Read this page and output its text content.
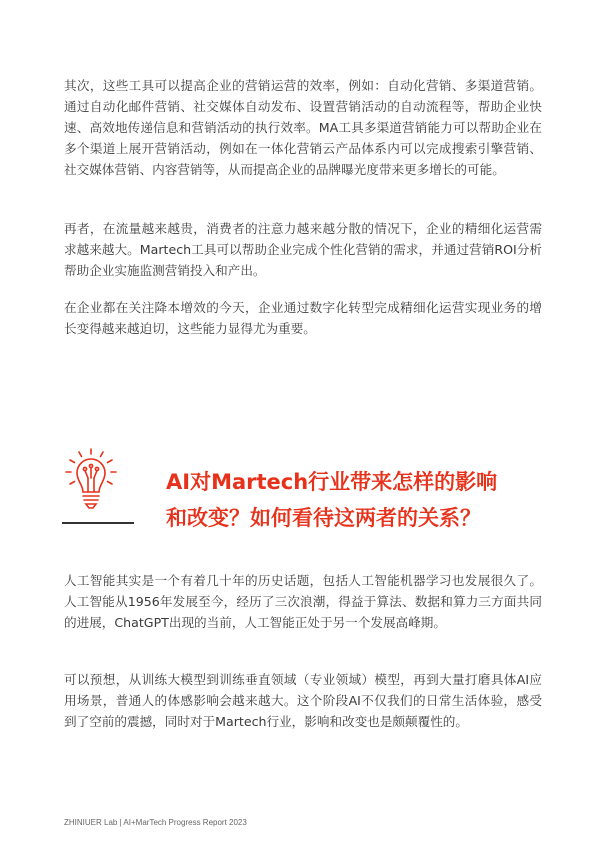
其次，这些工具可以提高企业的营销运营的效率，例如：自动化营销、多渠道营销。通过自动化邮件营销、社交媒体自动发布、设置营销活动的自动流程等，帮助企业快速、高效地传递信息和营销活动的执行效率。MA工具多渠道营销能力可以帮助企业在多个渠道上展开营销活动，例如在一体化营销云产品体系内可以完成搜索引擎营销、社交媒体营销、内容营销等，从而提高企业的品牌曝光度带来更多增长的可能。

再者，在流量越来越贵，消费者的注意力越来越分散的情况下，企业的精细化运营需求越来越大。Martech工具可以帮助企业完成个性化营销的需求，并通过营销ROI分析帮助企业实施监测营销投入和产出。

在企业都在关注降本增效的今天，企业通过数字化转型完成精细化运营实现业务的增长变得越来越迫切，这些能力显得尤为重要。

AI对Martech行业带来怎样的影响
和改变？如何看待这两者的关系？

人工智能其实是一个有着几十年的历史话题，包括人工智能机器学习也发展很久了。人工智能从1956年发展至今，经历了三次浪潮，得益于算法、数据和算力三方面共同的进展，ChatGPT出现的当前，人工智能正处于另一个发展高峰期。

可以预想，从训练大模型到训练垂直领域（专业领域）模型，再到大量打磨具体AI应用场景，普通人的体感影响会越来越大。这个阶段AI不仅我们的日常生活体验，感受到了空前的震撼，同时对于Martech行业，影响和改变也是颇颠覆性的。

ZHINIUER Lab | AI+MarTech Progress Report 2023
